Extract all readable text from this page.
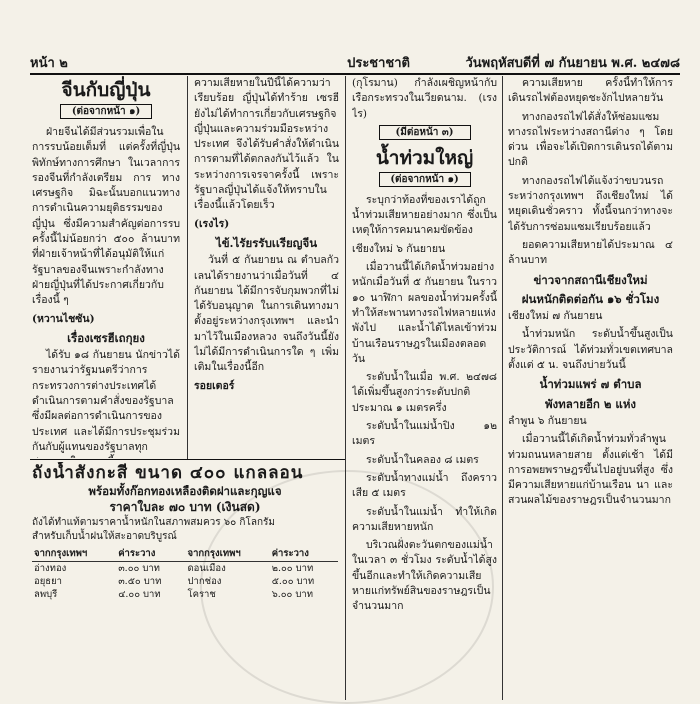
หน้า ๒	ประชาชาติ	วันพฤหัสบดีที่ ๗ กันยายน พ.ศ. ๒๔๗๘
จีนกับญี่ปุ่น
(ต่อจากหน้า ๑)

ฝ่ายจีนได้มีส่วนรวมเพื่อในการรบน้อยเต็มที่ แต่ครั้งที่ญี่ปุ่นพิทักษ์ทางการศึกษา ในเวลาการรองจีนที่กำลังเตรียม การ ทางเศรษฐกิจ มิฉะนั้นบอกแนวทางการดำเนินความยุติธรรมของญี่ปุ่น ซึ่งมีความสำคัญต่อการรบครั้งนี้ไม่น้อยกว่า ๕๐๐ ล้านบาท ที่ฝ่ายเจ้าหน้าที่ได้อนุมัติให้แก่รัฐบาลของจีนเพราะกำลังทางฝ่ายญี่ปุ่นที่ได้ประกาศเกี่ยวกับเรื่องนี้ ๆ

(หวานไชซัน)

เรื่องเซรฮีเถกุยง

ได้รับ ๑๘ กันยายน นักข่าวได้รายงานว่ารัฐมนตรีว่าการกระทรวงการต่างประเทศได้ดำเนินการตามคำสั่งของรัฐบาล ซึ่งมีผลต่อการดำเนินการของประเทศ และได้มีการประชุมร่วมกันกับผู้แทนของรัฐบาลทุก

ความเสียหายในปีนี้ได้ความว่าเรียบร้อย ญี่ปุ่นได้ทำร้าย เซรฮี ยังไม่ได้ทำการเกี่ยวกับเศรษฐกิจญี่ปุ่นและความร่วมมือระหว่างประเทศ จึงได้รับคำสั่งให้ดำเนินการตามที่ได้ตกลงกันไว้แล้ว ในระหว่างการเจรจาครั้งนี้ เพราะรัฐบาลญี่ปุ่นได้แจ้งให้ทราบในเรื่องนี้แล้วโดยเร็ว

(เรงไร)

ไข้.ไรัยรรับเเรียญจีน

วันที่ ๕ กันยายน ณ ตำบลกัวเลนได้รายงานว่าเมื่อวันที่ ๔ กันยายน ได้มีการจับกุมพวกที่ไม่ได้รับอนุญาต ในการเดินทางมาตั้งอยู่ระหว่างกรุงเทพฯ และนำมาไว้ในเมืองหลวง จนถึงวันนี้ยังไม่ได้มีการดำเนินการใด ๆ เพิ่มเติมในเรื่องนี้อีก

รอยเตอร์

(กุโรมาน) กำลังเผชิญหน้ากับเรือกระทรวงในเวียดนาม. (เรงไร)

(มีต่อหน้า ๓)
น้ำท่วมใหญ่
(ต่อจากหน้า ๑)

ระบุกว่าท้องที่ของเราได้ถูกน้ำท่วมเสียหายอย่างมาก ซึ่งเป็นเหตุให้การคมนาคมขัดข้อง

เชียงใหม่ ๖ กันยายน

เมื่อวานนี้ได้เกิดน้ำท่วมอย่างหนักเมื่อวันที่ ๕ กันยายน ในราว ๑๐ นาฬิกา ผลของน้ำท่วมครั้งนี้ทำให้สะพานทางรถไฟหลายแห่งพังไป และน้ำได้ไหลเข้าท่วมบ้านเรือนราษฎรในเมืองตลอดวัน

ระดับน้ำในเมื่อ พ.ศ. ๒๔๗๘ ได้เพิ่มขึ้นสูงกว่าระดับปกติประมาณ ๑ เมตรครึ่ง

ระดับน้ำในแม่น้ำปิง ๑๒ เมตร

ระดับน้ำในคลอง ๘ เมตร

ระดับน้ำทางแม่น้ำ ถึงคราวเสีย ๕ เมตร

ระดับน้ำในแม่น้ำ ทำให้เกิดความเสียหายหนัก

บริเวณฝั่งตะวันตกของแม่น้ำ ในเวลา ๓ ชั่วโมง ระดับน้ำได้สูงขึ้นอีกและทำให้เกิดความเสียหายแก่ทรัพย์สินของราษฎรเป็นจำนวนมาก

ความเสียหาย ครั้งนี้ทำให้การเดินรถไฟต้องหยุดชะงักไปหลายวัน

ทางกองรถไฟได้สั่งให้ซ่อมแซมทางรถไฟระหว่างสถานีต่าง ๆ โดยด่วน เพื่อจะได้เปิดการเดินรถได้ตามปกติ

ทางกองรถไฟได้แจ้งว่าขบวนรถระหว่างกรุงเทพฯ ถึงเชียงใหม่ ได้หยุดเดินชั่วคราว ทั้งนี้จนกว่าทางจะได้รับการซ่อมแซมเรียบร้อยแล้ว

ยอดความเสียหายได้ประมาณ ๔ ล้านบาท

ข่าวจากสถานีเชียงใหม่
ฝนหนักติดต่อกัน ๑๖ ชั่วโมง

เชียงใหม่ ๗ กันยายน

น้ำท่วมหนัก ระดับน้ำขึ้นสูงเป็นประวัติการณ์ ได้ท่วมทั่วเขตเทศบาล ตั้งแต่ ๕ น. จนถึงบ่ายวันนี้

น้ำท่วมแพร่ ๗ ตำบล
พังทลายอีก ๒ แห่ง

ลำพูน ๖ กันยายน

เมื่อวานนี้ได้เกิดน้ำท่วมทั่วลำพูน ท่วมถนนหลายสาย ตั้งแต่เช้า ได้มีการอพยพราษฎรขึ้นไปอยู่บนที่สูง ซึ่งมีความเสียหายแก่บ้านเรือน นา และสวนผลไม้ของราษฎรเป็นจำนวนมาก

ถังน้ำสังกะสี ขนาด ๔๐๐ แกลลอน
พร้อมทั้งก๊อกทองเหลืองติดฝาและกุญแจ
ราคาใบละ ๗๐ บาท (เงินสด)

ถังได้ทำแท้ตามราคาน้ำหนักในสภาพสมควร ๖๐ กิโลกรัม

สำหรับเก็บน้ำฝนให้สะอาดบริบูรณ์

จากกรุงเทพฯ	ค่าระวาง	จากกรุงเทพฯ	ค่าระวาง
อ่างทอง	๓.๐๐ บาท	ดอนเมือง	๒.๐๐ บาท
อยุธยา	๓.๕๐ บาท	ปากช่อง	๕.๐๐ บาท
ลพบุรี	๔.๐๐ บาท	โคราช	๖.๐๐ บาท
